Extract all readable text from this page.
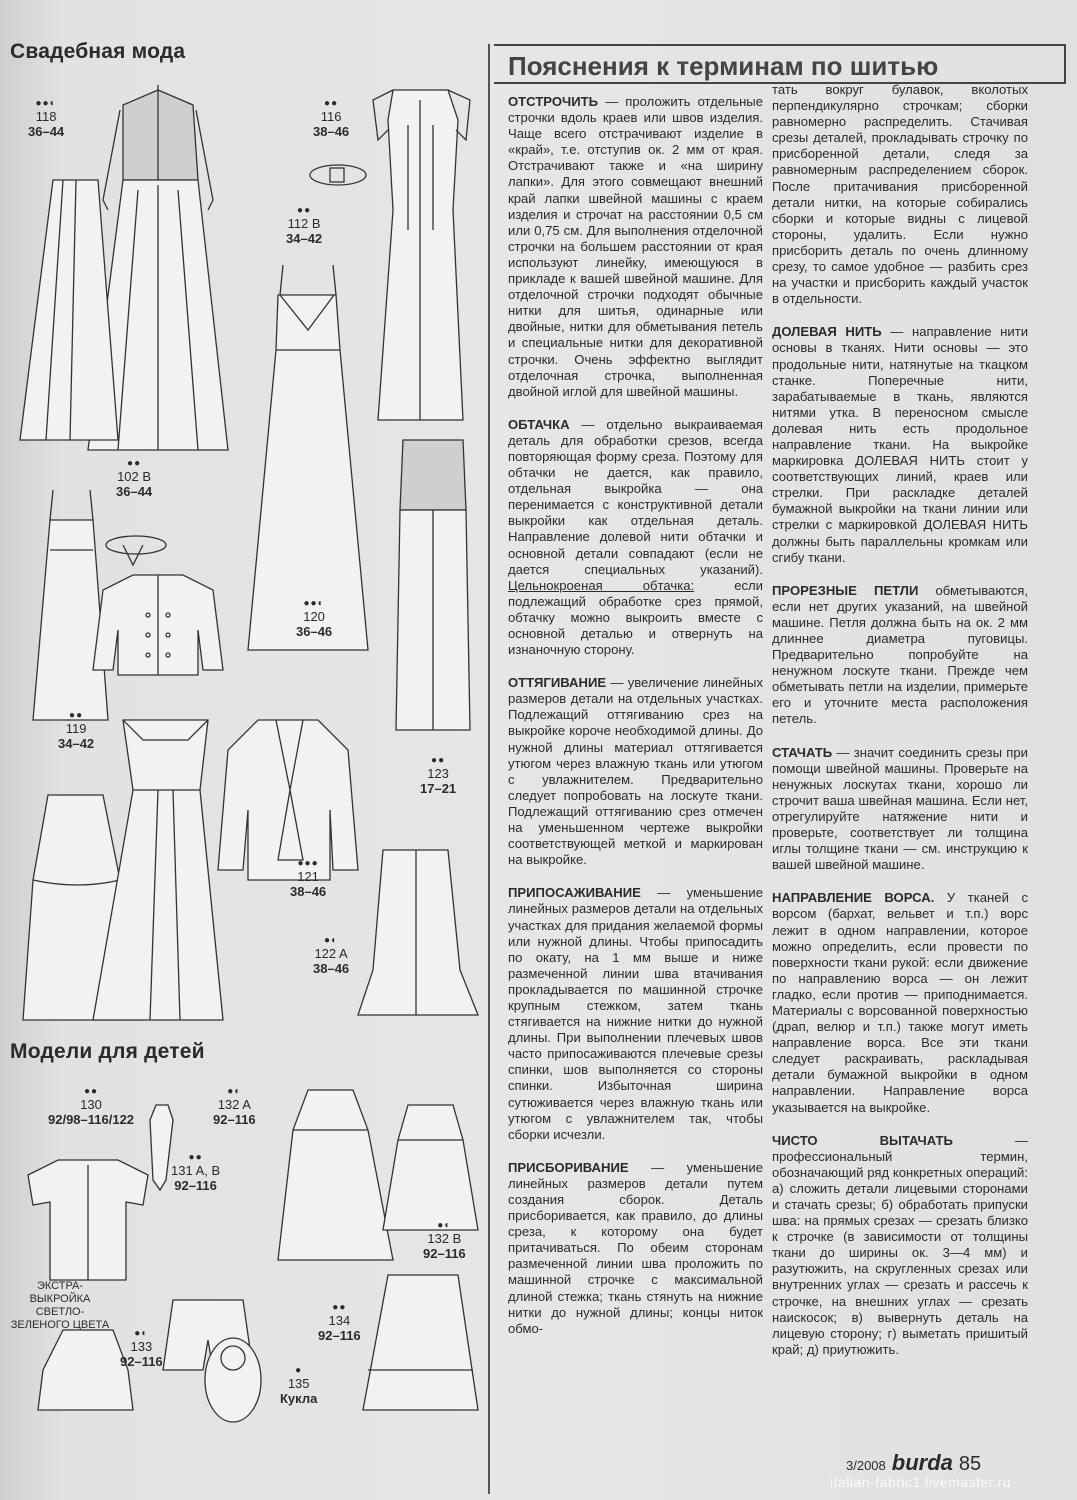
Свадебная мода
●●◐
118
36–44
●●
116
38–46
●●
112 B
34–42
●●
102 B
36–44
●●◐
120
36–46
●●
119
34–42
●●
123
17–21
●●●
121
38–46
●◐
122 A
38–46
Модели для детей
●●
130
92/98–116/122
●◐
132 A
92–116
●●
131 A, B
92–116
●◐
132 B
92–116
ЭКСТРА-ВЫКРОЙКА СВЕТЛО-ЗЕЛЕНОГО ЦВЕТА
●◐
133
92–116
●●
134
92–116
●
135
Кукла
Пояснения к терминам по шитью

ОТСТРОЧИТЬ — проложить отдельные строчки вдоль краев или швов изделия. Чаще всего отстрачивают изделие в «край», т.е. отступив ок. 2 мм от края. Отстрачивают также и «на ширину лапки». Для этого совмещают внешний край лапки швейной машины с краем изделия и строчат на расстоянии 0,5 см или 0,75 см. Для выполнения отделочной строчки на большем расстоянии от края используют линейку, имеющуюся в прикладе к вашей швейной машине. Для отделочной строчки подходят обычные нитки для шитья, одинарные или двойные, нитки для обметывания петель и специальные нитки для декоративной строчки. Очень эффектно выглядит отделочная строчка, выполненная двойной иглой для швейной машины.

ОБТАЧКА — отдельно выкраиваемая деталь для обработки срезов, всегда повторяющая форму среза. Поэтому для обтачки не дается, как правило, отдельная выкройка — она перенимается с конструктивной детали выкройки как отдельная деталь. Направление долевой нити обтачки и основной детали совпадают (если не дается специальных указаний). Цельнокроеная обтачка: если подлежащий обработке срез прямой, обтачку можно выкроить вместе с основной деталью и отвернуть на изнаночную сторону.

ОТТЯГИВАНИЕ — увеличение линейных размеров детали на отдельных участках. Подлежащий оттягиванию срез на выкройке короче необходимой длины. До нужной длины материал оттягивается утюгом через влажную ткань или утюгом с увлажнителем. Предварительно следует попробовать на лоскуте ткани. Подлежащий оттягиванию срез отмечен на уменьшенном чертеже выкройки соответствующей меткой и маркирован на выкройке.

ПРИПОСАЖИВАНИЕ — уменьшение линейных размеров детали на отдельных участках для придания желаемой формы или нужной длины. Чтобы припосадить по окату, на 1 мм выше и ниже размеченной линии шва втачивания прокладывается по машинной строчке крупным стежком, затем ткань стягивается на нижние нитки до нужной длины. При выполнении плечевых швов часто припосаживаются плечевые срезы спинки, шов выполняется со стороны спинки. Избыточная ширина сутюживается через влажную ткань или утюгом с увлажнителем так, чтобы сборки исчезли.

ПРИСБОРИВАНИЕ — уменьшение линейных размеров детали путем создания сборок. Деталь присборивается, как правило, до длины среза, к которому она будет притачиваться. По обеим сторонам размеченной линии шва проложить по машинной строчке с максимальной длиной стежка; ткань стянуть на нижние нитки до нужной длины; концы ниток обмо-

тать вокруг булавок, вколотых перпендикулярно строчкам; сборки равномерно распределить. Стачивая срезы деталей, прокладывать строчку по присборенной детали, следя за равномерным распределением сборок. После притачивания присборенной детали нитки, на которые собирались сборки и которые видны с лицевой стороны, удалить. Если нужно присборить деталь по очень длинному срезу, то самое удобное — разбить срез на участки и присборить каждый участок в отдельности.

ДОЛЕВАЯ НИТЬ — направление нити основы в тканях. Нити основы — это продольные нити, натянутые на ткацком станке. Поперечные нити, зарабатываемые в ткань, являются нитями утка. В переносном смысле долевая нить есть продольное направление ткани. На выкройке маркировка ДОЛЕВАЯ НИТЬ стоит у соответствующих линий, краев или стрелки. При раскладке деталей бумажной выкройки на ткани линии или стрелки с маркировкой ДОЛЕВАЯ НИТЬ должны быть параллельны кромкам или сгибу ткани.

ПРОРЕЗНЫЕ ПЕТЛИ обметываются, если нет других указаний, на швейной машине. Петля должна быть на ок. 2 мм длиннее диаметра пуговицы. Предварительно попробуйте на ненужном лоскуте ткани. Прежде чем обметывать петли на изделии, примерьте его и уточните места расположения петель.

СТАЧАТЬ — значит соединить срезы при помощи швейной машины. Проверьте на ненужных лоскутах ткани, хорошо ли строчит ваша швейная машина. Если нет, отрегулируйте натяжение нити и проверьте, соответствует ли толщина иглы толщине ткани — см. инструкцию к вашей швейной машине.

НАПРАВЛЕНИЕ ВОРСА. У тканей с ворсом (бархат, вельвет и т.п.) ворс лежит в одном направлении, которое можно определить, если провести по поверхности ткани рукой: если движение по направлению ворса — он лежит гладко, если против — приподнимается. Материалы с ворсованной поверхностью (драп, велюр и т.п.) также могут иметь направление ворса. Все эти ткани следует раскраивать, раскладывая детали бумажной выкройки в одном направлении. Направление ворса указывается на выкройке.

ЧИСТО ВЫТАЧАТЬ — профессиональный термин, обозначающий ряд конкретных операций: а) сложить детали лицевыми сторонами и стачать срезы; б) обработать припуски шва: на прямых срезах — срезать близко к строчке (в зависимости от толщины ткани до ширины ок. 3—4 мм) и разутюжить, на скругленных срезах или внутренних углах — срезать и рассечь к строчке, на внешних углах — срезать наискосок; в) вывернуть деталь на лицевую сторону; г) выметать пришитый край; д) приутюжить.

3/2008 burda 85
italian-fabric1.livemaster.ru
